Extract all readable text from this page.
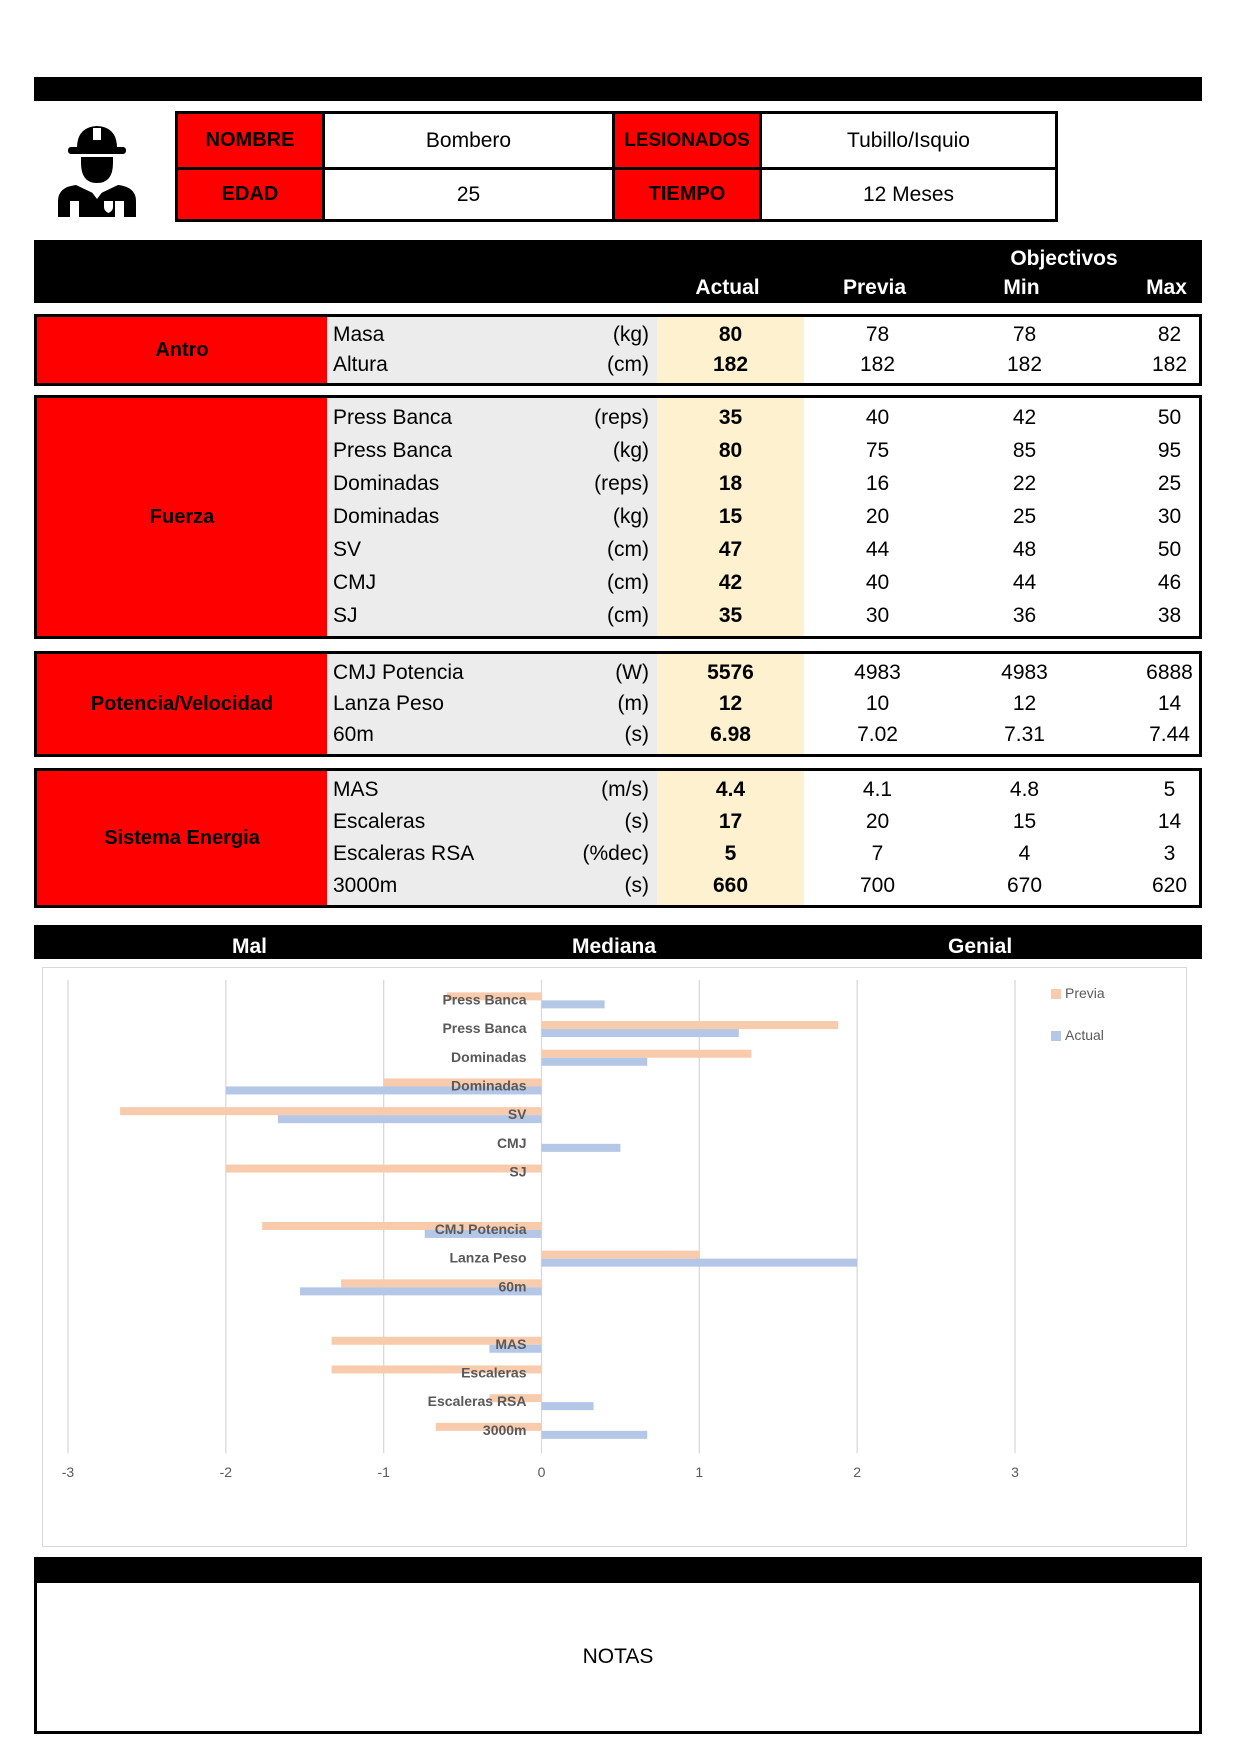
NOMBRE	Bombero	LESIONADOS	Tubillo/Isquio
EDAD	25	TIEMPO	12 Meses
Objectivos
Actual	Previa	Min	Max
Antro
Masa	(kg)	80	78	78	82
Altura	(cm)	182	182	182	182
Fuerza
Press Banca	(reps)	35	40	42	50
Press Banca	(kg)	80	75	85	95
Dominadas	(reps)	18	16	22	25
Dominadas	(kg)	15	20	25	30
SV	(cm)	47	44	48	50
CMJ	(cm)	42	40	44	46
SJ	(cm)	35	30	36	38
Potencia/Velocidad
CMJ Potencia	(W)	5576	4983	4983	6888
Lanza Peso	(m)	12	10	12	14
60m	(s)	6.98	7.02	7.31	7.44
Sistema Energia
MAS	(m/s)	4.4	4.1	4.8	5
Escaleras	(s)	17	20	15	14
Escaleras RSA	(%dec)	5	7	4	3
3000m	(s)	660	700	670	620
Mal	Mediana	Genial
-3	-2	-1	0	1	2	3
Press Banca
Press Banca
Dominadas
Dominadas
SV
CMJ
SJ
CMJ Potencia
Lanza Peso
60m
MAS
Escaleras
Escaleras RSA
3000m
Previa
Actual
NOTAS
